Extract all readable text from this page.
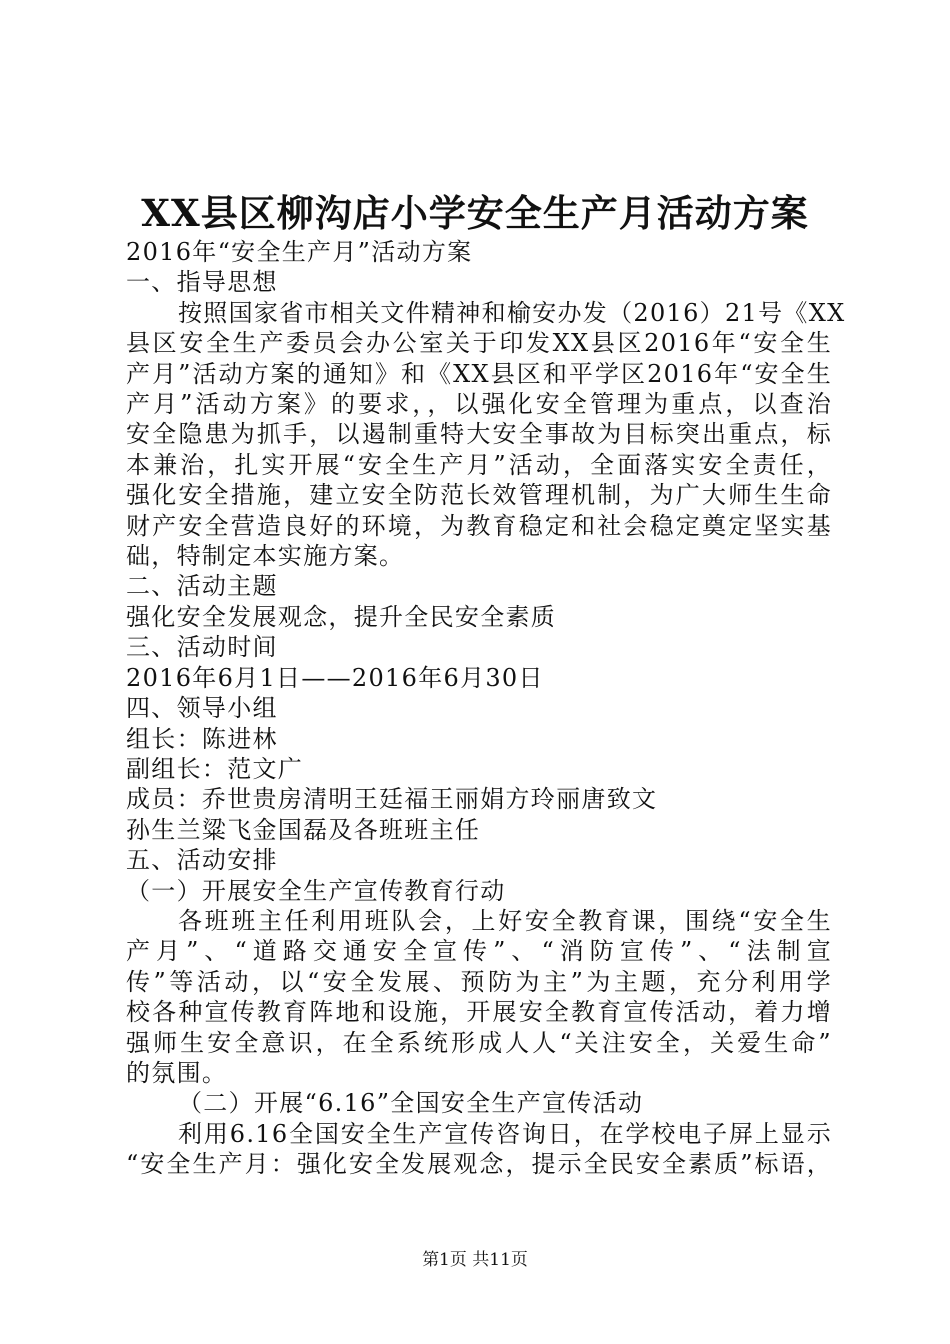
XX县区柳沟店小学安全生产月活动方案
2016年“安全生产月”活动方案
一、指导思想
按照国家省市相关文件精神和榆安办发（2016）21号《XX
县区安全生产委员会办公室关于印发XX县区2016年“安全生
产月”活动方案的通知》和《XX县区和平学区2016年“安全生
产月”活动方案》的要求，，以强化安全管理为重点，以查治
安全隐患为抓手，以遏制重特大安全事故为目标突出重点，标
本兼治，扎实开展“安全生产月”活动，全面落实安全责任，
强化安全措施，建立安全防范长效管理机制，为广大师生生命
财产安全营造良好的环境，为教育稳定和社会稳定奠定坚实基
础，特制定本实施方案。
二、活动主题
强化安全发展观念，提升全民安全素质
三、活动时间
2016年6月1日——2016年6月30日
四、领导小组
组长：陈进林
副组长：范文广
成员：乔世贵房清明王廷福王丽娟方玲丽唐致文
孙生兰粱飞金国磊及各班班主任
五、活动安排
（一）开展安全生产宣传教育行动
各班班主任利用班队会，上好安全教育课，围绕“安全生
产月”、“道路交通安全宣传”、“消防宣传”、“法制宣
传”等活动，以“安全发展、预防为主”为主题，充分利用学
校各种宣传教育阵地和设施，开展安全教育宣传活动，着力增
强师生安全意识，在全系统形成人人“关注安全，关爱生命”
的氛围。
（二）开展“6.16”全国安全生产宣传活动
利用6.16全国安全生产宣传咨询日，在学校电子屏上显示
“安全生产月：强化安全发展观念，提示全民安全素质”标语，
第1页 共11页
